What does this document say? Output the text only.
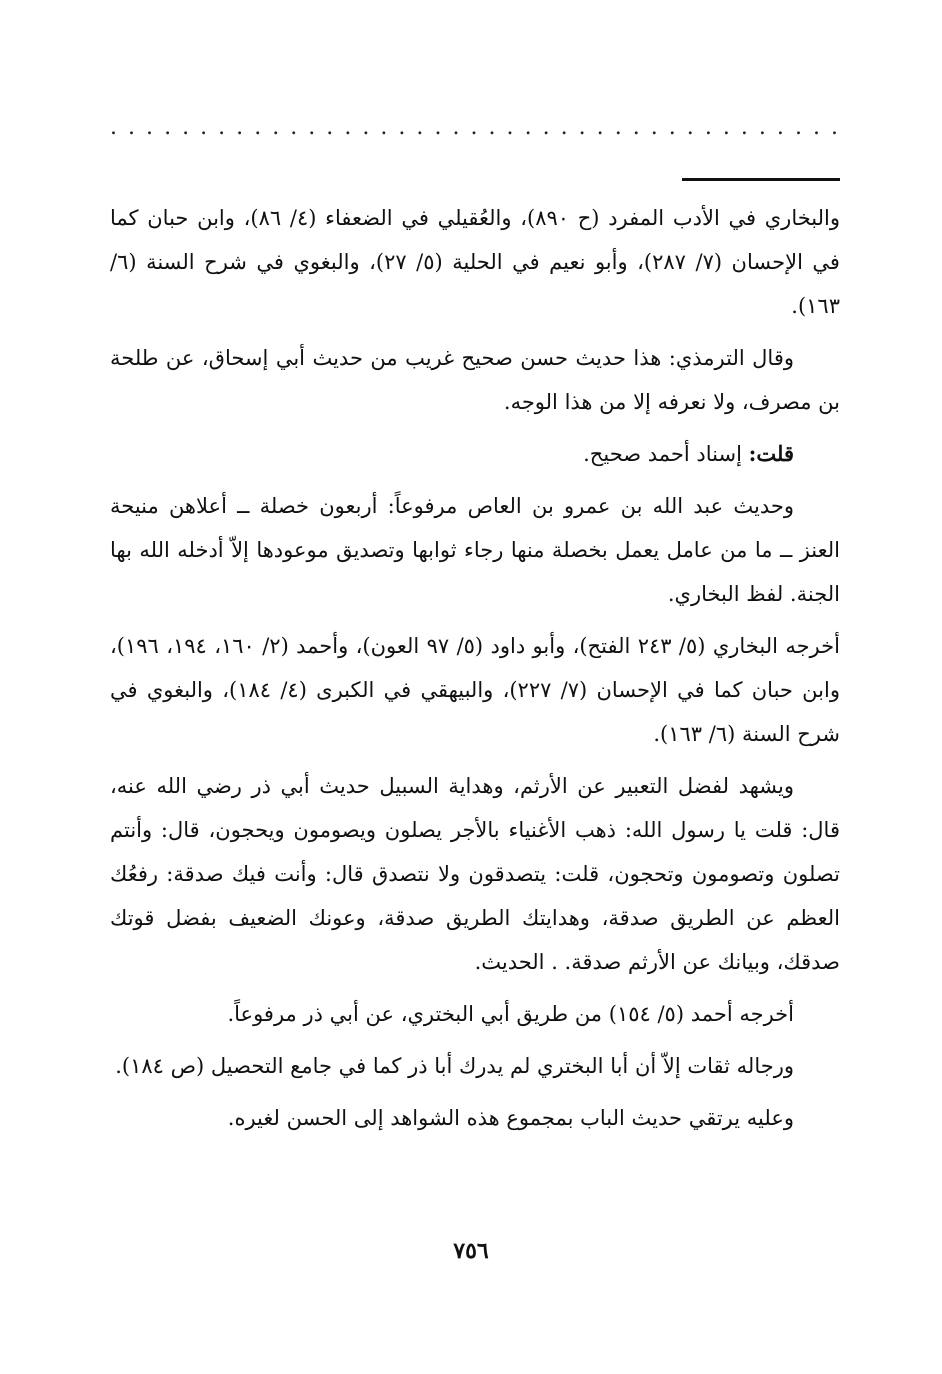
. . . . . . . . . . . . . . . . . . . . . . . . . . . . . . . . . . . . . . . . .

والبخاري في الأدب المفرد (ح ٨٩٠)، والعُقيلي في الضعفاء (٤/ ٨٦)، وابن حبان كما في الإحسان (٧/ ٢٨٧)، وأبو نعيم في الحلية (٥/ ٢٧)، والبغوي في شرح السنة (٦/ ١٦٣).

وقال الترمذي: هذا حديث حسن صحيح غريب من حديث أبي إسحاق، عن طلحة بن مصرف، ولا نعرفه إلا من هذا الوجه.

قلت: إسناد أحمد صحيح.

وحديث عبد الله بن عمرو بن العاص مرفوعاً: أربعون خصلة ــ أعلاهن منيحة العنز ــ ما من عامل يعمل بخصلة منها رجاء ثوابها وتصديق موعودها إلاّ أدخله الله بها الجنة. لفظ البخاري.

أخرجه البخاري (٥/ ٢٤٣ الفتح)، وأبو داود (٥/ ٩٧ العون)، وأحمد (٢/ ١٦٠، ١٩٤، ١٩٦)، وابن حبان كما في الإحسان (٧/ ٢٢٧)، والبيهقي في الكبرى (٤/ ١٨٤)، والبغوي في شرح السنة (٦/ ١٦٣).

ويشهد لفضل التعبير عن الأرثم، وهداية السبيل حديث أبي ذر رضي الله عنه، قال: قلت يا رسول الله: ذهب الأغنياء بالأجر يصلون ويصومون ويحجون، قال: وأنتم تصلون وتصومون وتحجون، قلت: يتصدقون ولا نتصدق قال: وأنت فيك صدقة: رفعُك العظم عن الطريق صدقة، وهدايتك الطريق صدقة، وعونك الضعيف بفضل قوتك صدقك، وبيانك عن الأرثم صدقة. . الحديث.

أخرجه أحمد (٥/ ١٥٤) من طريق أبي البختري، عن أبي ذر مرفوعاً.

ورجاله ثقات إلاّ أن أبا البختري لم يدرك أبا ذر كما في جامع التحصيل (ص ١٨٤).

وعليه يرتقي حديث الباب بمجموع هذه الشواهد إلى الحسن لغيره.

٧٥٦
